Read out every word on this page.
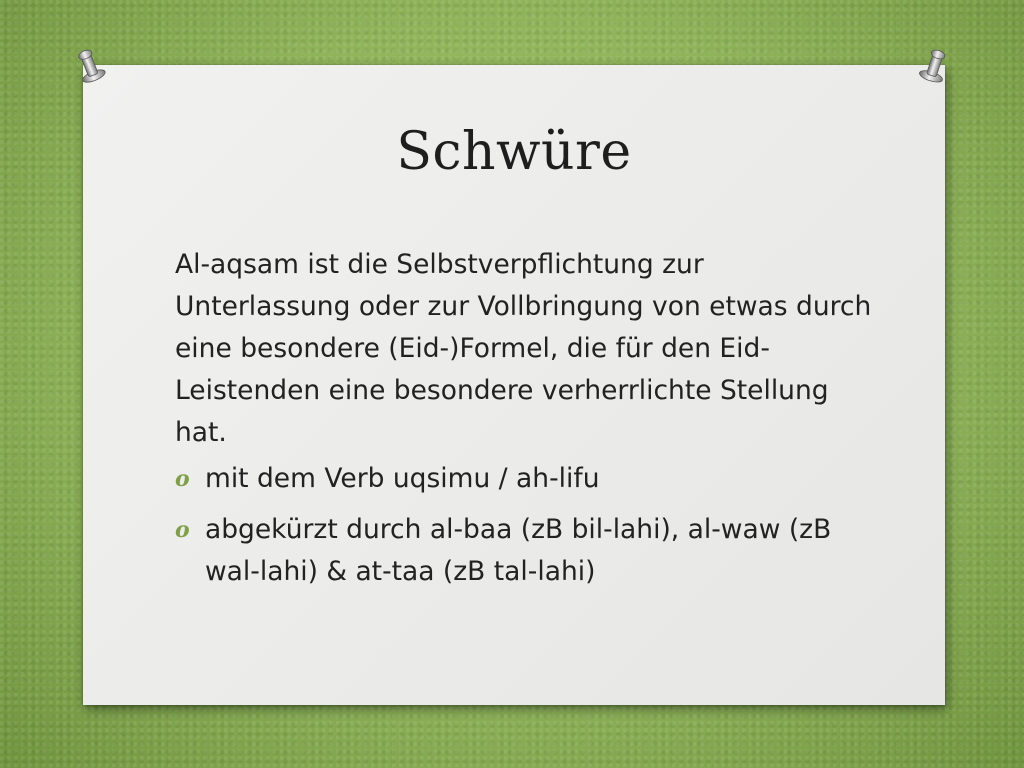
Schwüre
Al-aqsam ist die Selbstverpflichtung zur Unterlassung oder zur Vollbringung von etwas durch eine besondere (Eid-)Formel, die für den Eid-Leistenden eine besondere verherrlichte Stellung hat.
o mit dem Verb uqsimu / ah-lifu
o abgekürzt durch al-baa (zB bil-lahi), al-waw (zB wal-lahi) & at-taa (zB tal-lahi)
